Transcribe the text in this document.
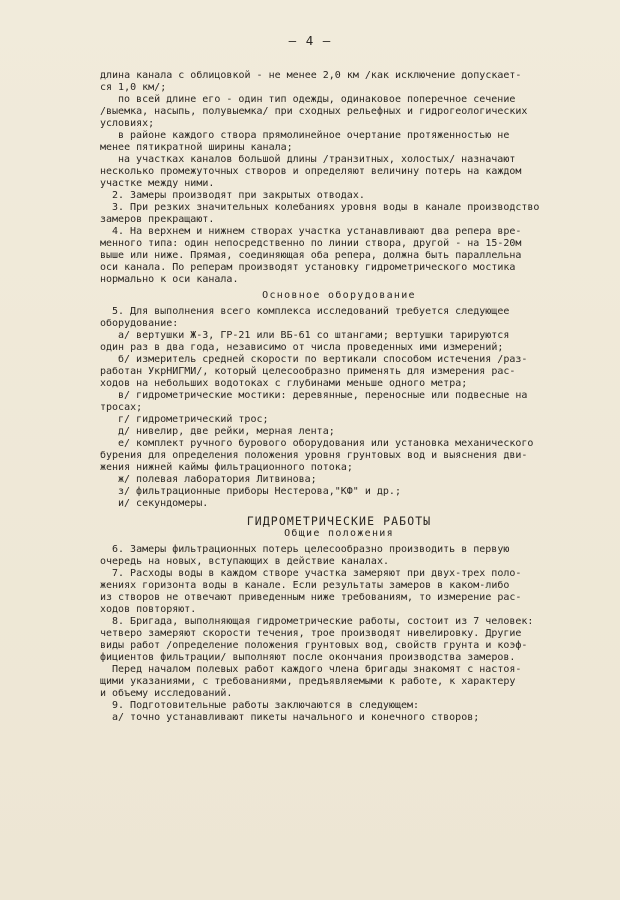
— 4 —
длина канала с облицовкой - не менее 2,0 км /как исключение допускает-
ся 1,0 км/;
по всей длине его - один тип одежды, одинаковое поперечное сечение
/выемка, насыпь, полувыемка/ при сходных рельефных и гидрогеологических
условиях;
в районе каждого створа прямолинейное очертание протяженностью не
менее пятикратной ширины канала;
на участках каналов большой длины /транзитных, холостых/ назначают
несколько промежуточных створов и определяют величину потерь на каждом
участке между ними.
2. Замеры производят при закрытых отводах.
3. При резких значительных колебаниях уровня воды в канале производство
замеров прекращают.
4. На верхнем и нижнем створах участка устанавливают два репера вре-
менного типа: один непосредственно по линии створа, другой - на 15-20м
выше или ниже. Прямая, соединяющая оба репера, должна быть параллельна
оси канала. По реперам производят установку гидрометрического мостика
нормально к оси канала.
Основное оборудование
5. Для выполнения всего комплекса исследований требуется следующее
оборудование:
а/ вертушки Ж-3, ГР-21 или ВБ-61 со штангами; вертушки тарируются
один раз в два года, независимо от числа проведенных ими измерений;
б/ измеритель средней скорости по вертикали способом истечения /раз-
работан УкрНИГМИ/, который целесообразно применять для измерения рас-
ходов на небольших водотоках с глубинами меньше одного метра;
в/ гидрометрические мостики: деревянные, переносные или подвесные на
тросах;
г/ гидрометрический трос;
д/ нивелир, две рейки, мерная лента;
е/ комплект ручного бурового оборудования или установка механического
бурения для определения положения уровня грунтовых вод и выяснения дви-
жения нижней каймы фильтрационного потока;
ж/ полевая лаборатория Литвинова;
з/ фильтрационные приборы Нестерова,"КФ" и др.;
и/ секундомеры.
ГИДРОМЕТРИЧЕСКИЕ РАБОТЫ
Общие положения
6. Замеры фильтрационных потерь целесообразно производить в первую
очередь на новых, вступающих в действие каналах.
7. Расходы воды в каждом створе участка замеряют при двух-трех поло-
жениях горизонта воды в канале. Если результаты замеров в каком-либо
из створов не отвечают приведенным ниже требованиям, то измерение рас-
ходов повторяют.
8. Бригада, выполняющая гидрометрические работы, состоит из 7 человек:
четверо замеряют скорости течения, трое производят нивелировку. Другие
виды работ /определение положения грунтовых вод, свойств грунта и коэф-
фициентов фильтрации/ выполняют после окончания производства замеров.
Перед началом полевых работ каждого члена бригады знакомят с настоя-
щими указаниями, с требованиями, предъявляемыми к работе, к характеру
и объему исследований.
9. Подготовительные работы заключаются в следующем:
а/ точно устанавливают пикеты начального и конечного створов;
